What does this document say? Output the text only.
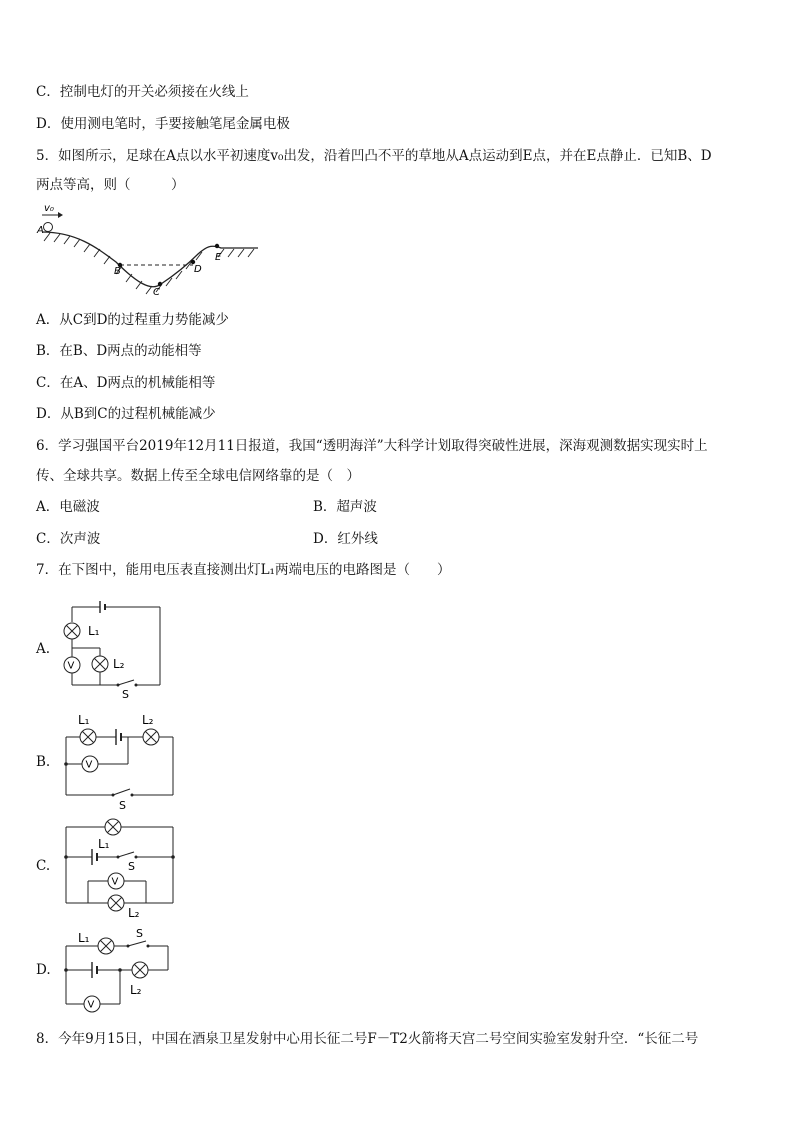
C．控制电灯的开关必须接在火线上
D．使用测电笔时，手要接触笔尾金属电极
5．如图所示，足球在A点以水平初速度v₀出发，沿着凹凸不平的草地从A点运动到E点，并在E点静止．已知B、D
两点等高，则（　　　）
v₀
A
B
C
D
E
A．从C到D的过程重力势能减少
B．在B、D两点的动能相等
C．在A、D两点的机械能相等
D．从B到C的过程机械能减少
6．学习强国平台2019年12月11日报道，我国“透明海洋”大科学计划取得突破性进展，深海观测数据实现实时上
传、全球共享。数据上传至全球电信网络靠的是（　）
A．电磁波	B．超声波
C．次声波	D．红外线
7．在下图中，能用电压表直接测出灯L₁两端电压的电路图是（　　）
A.
V
L₁
L₂
S
B.	V
L₁	L₂
S
C.
V
L₁
L₂
S
D.
V
L₁
L₂
S
8．今年9月15日，中国在酒泉卫星发射中心用长征二号F－T2火箭将天宫二号空间实验室发射升空．“长征二号
